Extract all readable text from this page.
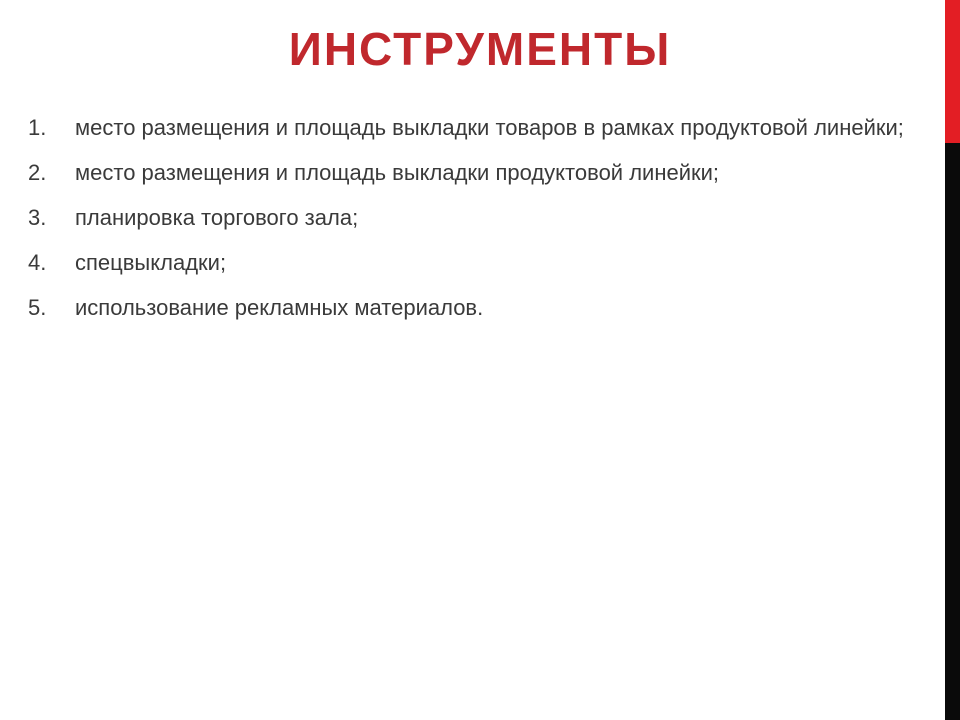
ИНСТРУМЕНТЫ
1.	место размещения и площадь выкладки товаров в рамках продуктовой линейки;
2.	место размещения и площадь выкладки продуктовой линейки;
3.	планировка торгового зала;
4.	спецвыкладки;
5.	использование рекламных материалов.
